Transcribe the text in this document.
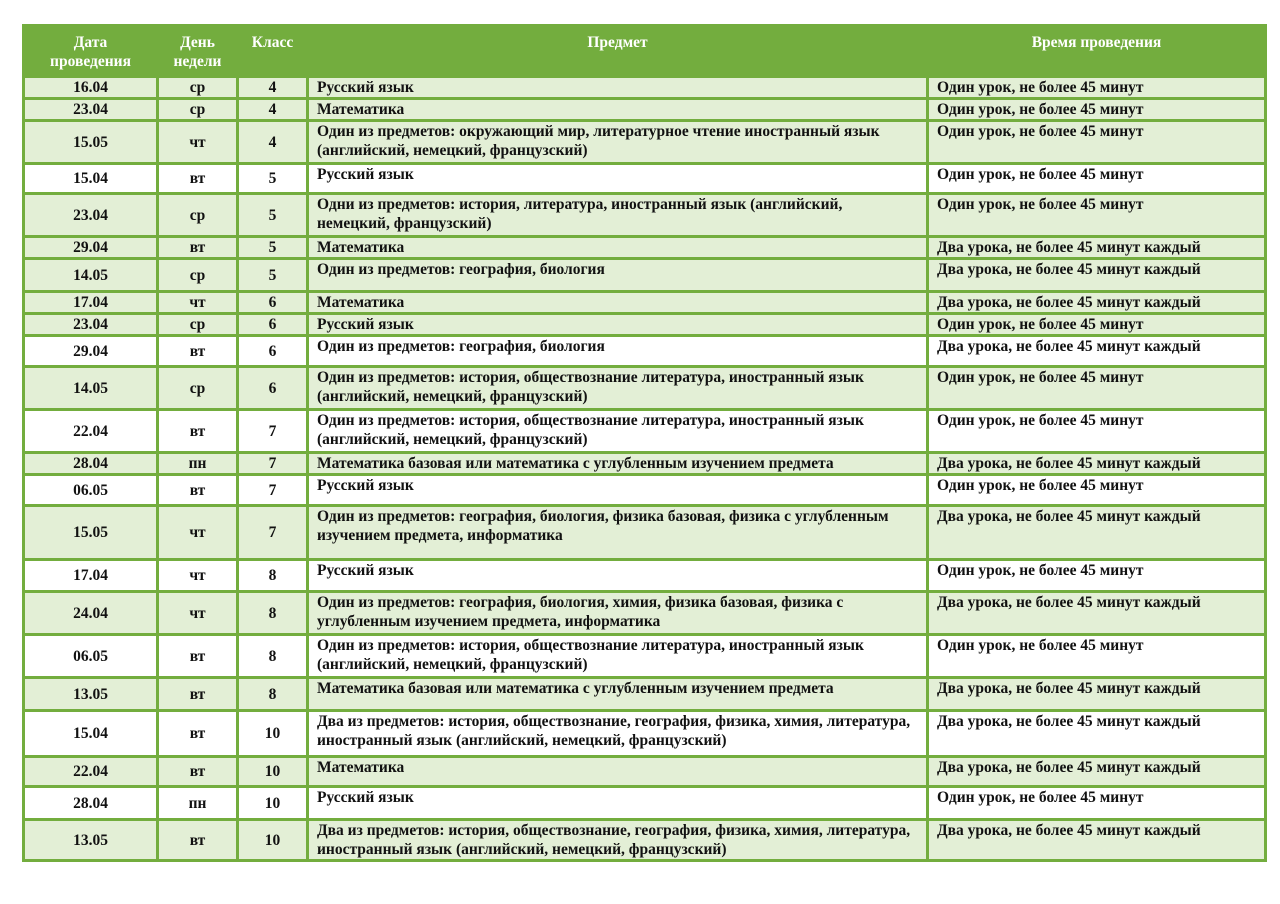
Дата проведения	День недели	Класс	Предмет	Время проведения
16.04	ср	4	Русский язык	Один урок, не более 45 минут
23.04	ср	4	Математика	Один урок, не более 45 минут
15.05	чт	4	Один из предметов: окружающий мир, литературное чтение иностранный язык (английский, немецкий, французский)	Один урок, не более 45 минут
15.04	вт	5	Русский язык	Один урок, не более 45 минут
23.04	ср	5	Одни из предметов: история, литература, иностранный язык (английский, немецкий, французский)	Один урок, не более 45 минут
29.04	вт	5	Математика	Два урока, не более 45 минут каждый
14.05	ср	5	Один из предметов: география, биология	Два урока, не более 45 минут каждый
17.04	чт	6	Математика	Два урока, не более 45 минут каждый
23.04	ср	6	Русский язык	Один урок, не более 45 минут
29.04	вт	6	Один из предметов: география, биология	Два урока, не более 45 минут каждый
14.05	ср	6	Один из предметов: история, обществознание литература, иностранный язык (английский, немецкий, французский)	Один урок, не более 45 минут
22.04	вт	7	Один из предметов: история, обществознание литература, иностранный язык (английский, немецкий, французский)	Один урок, не более 45 минут
28.04	пн	7	Математика базовая или математика с углубленным изучением предмета	Два урока, не более 45 минут каждый
06.05	вт	7	Русский язык	Один урок, не более 45 минут
15.05	чт	7	Один из предметов: география, биология, физика базовая, физика с углубленным изучением предмета, информатика	Два урока, не более 45 минут каждый
17.04	чт	8	Русский язык	Один урок, не более 45 минут
24.04	чт	8	Один из предметов: география, биология, химия, физика базовая, физика с углубленным изучением предмета, информатика	Два урока, не более 45 минут каждый
06.05	вт	8	Один из предметов: история, обществознание литература, иностранный язык (английский, немецкий, французский)	Один урок, не более 45 минут
13.05	вт	8	Математика базовая или математика с углубленным изучением предмета	Два урока, не более 45 минут каждый
15.04	вт	10	Два из предметов: история, обществознание, география, физика, химия, литература, иностранный язык (английский, немецкий, французский)	Два урока, не более 45 минут каждый
22.04	вт	10	Математика	Два урока, не более 45 минут каждый
28.04	пн	10	Русский язык	Один урок, не более 45 минут
13.05	вт	10	Два из предметов: история, обществознание, география, физика, химия, литература, иностранный язык (английский, немецкий, французский)	Два урока, не более 45 минут каждый
